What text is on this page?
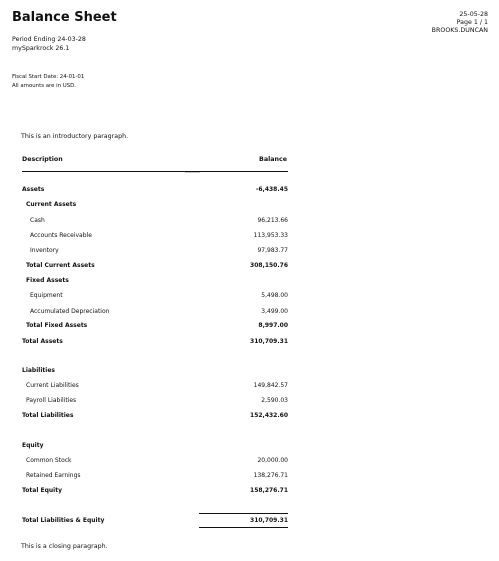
Balance Sheet
Period Ending 24-03-28
mySparkrock 26.1
25-05-28
Page 1 / 1
BROOKS.DUNCAN
Fiscal Start Date: 24-01-01
All amounts are in USD.
This is an introductory paragraph.
Description	Balance
Assets	-6,438.45
Current Assets
Cash	96,213.66
Accounts Receivable	113,953.33
Inventory	97,983.77
Total Current Assets	308,150.76
Fixed Assets
Equipment	5,498.00
Accumulated Depreciation	3,499.00
Total Fixed Assets	8,997.00
Total Assets	310,709.31
Liabilities
Current Liabilities	149,842.57
Payroll Liabilities	2,590.03
Total Liabilities	152,432.60
Equity
Common Stock	20,000.00
Retained Earnings	138,276.71
Total Equity	158,276.71
Total Liabilities & Equity	310,709.31
This is a closing paragraph.
